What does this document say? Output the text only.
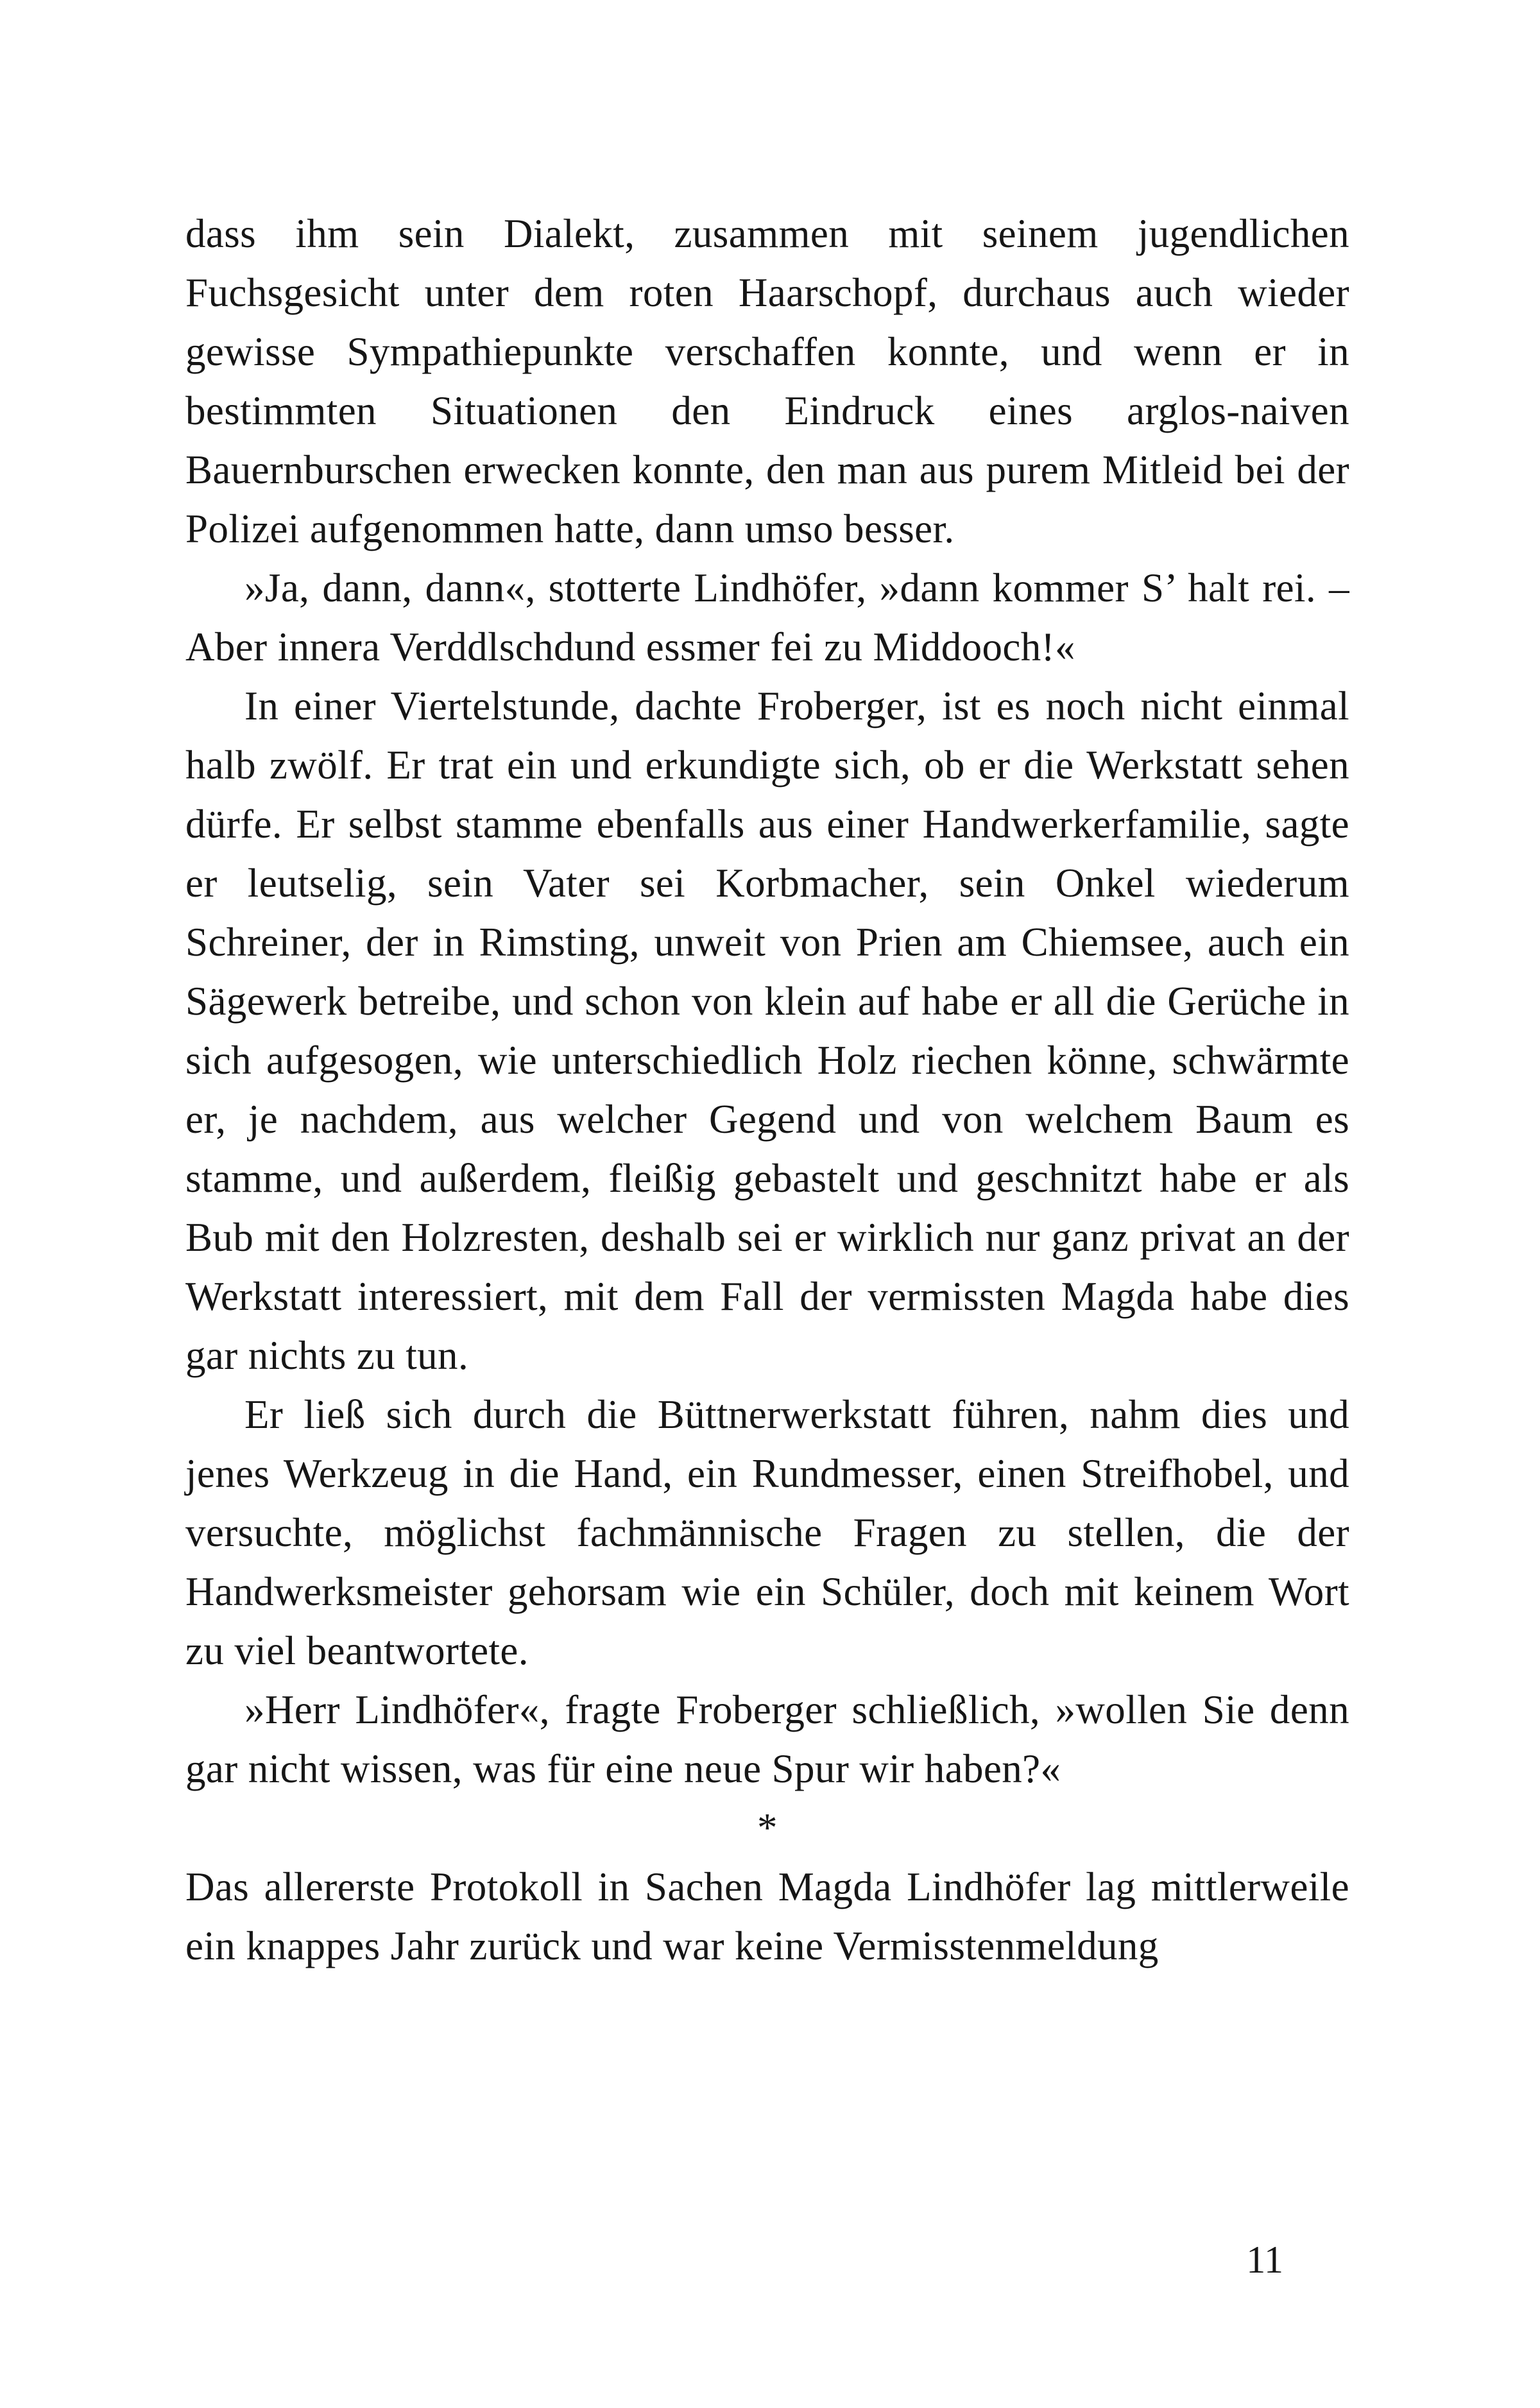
dass ihm sein Dialekt, zusammen mit seinem jugendlichen Fuchsgesicht unter dem roten Haarschopf, durchaus auch wieder gewisse Sympathiepunkte verschaffen konnte, und wenn er in bestimmten Situationen den Eindruck eines arglos-naiven Bauernburschen erwecken konnte, den man aus purem Mitleid bei der Polizei aufgenommen hatte, dann umso besser.

»Ja, dann, dann«, stotterte Lindhöfer, »dann kommer S’ halt rei. – Aber innera Verddlschdund essmer fei zu Middooch!«

In einer Viertelstunde, dachte Froberger, ist es noch nicht einmal halb zwölf. Er trat ein und erkundigte sich, ob er die Werkstatt sehen dürfe. Er selbst stamme ebenfalls aus einer Handwerkerfamilie, sagte er leutselig, sein Vater sei Korbmacher, sein Onkel wiederum Schreiner, der in Rimsting, unweit von Prien am Chiemsee, auch ein Sägewerk betreibe, und schon von klein auf habe er all die Gerüche in sich aufgesogen, wie unterschiedlich Holz riechen könne, schwärmte er, je nachdem, aus welcher Gegend und von welchem Baum es stamme, und außerdem, fleißig gebastelt und geschnitzt habe er als Bub mit den Holzresten, deshalb sei er wirklich nur ganz privat an der Werkstatt interessiert, mit dem Fall der vermissten Magda habe dies gar nichts zu tun.

Er ließ sich durch die Büttnerwerkstatt führen, nahm dies und jenes Werkzeug in die Hand, ein Rundmesser, einen Streifhobel, und versuchte, möglichst fachmännische Fragen zu stellen, die der Handwerksmeister gehorsam wie ein Schüler, doch mit keinem Wort zu viel beantwortete.

»Herr Lindhöfer«, fragte Froberger schließlich, »wollen Sie denn gar nicht wissen, was für eine neue Spur wir haben?«

*

Das allererste Protokoll in Sachen Magda Lindhöfer lag mittlerweile ein knappes Jahr zurück und war keine Vermisstenmeldung

11
